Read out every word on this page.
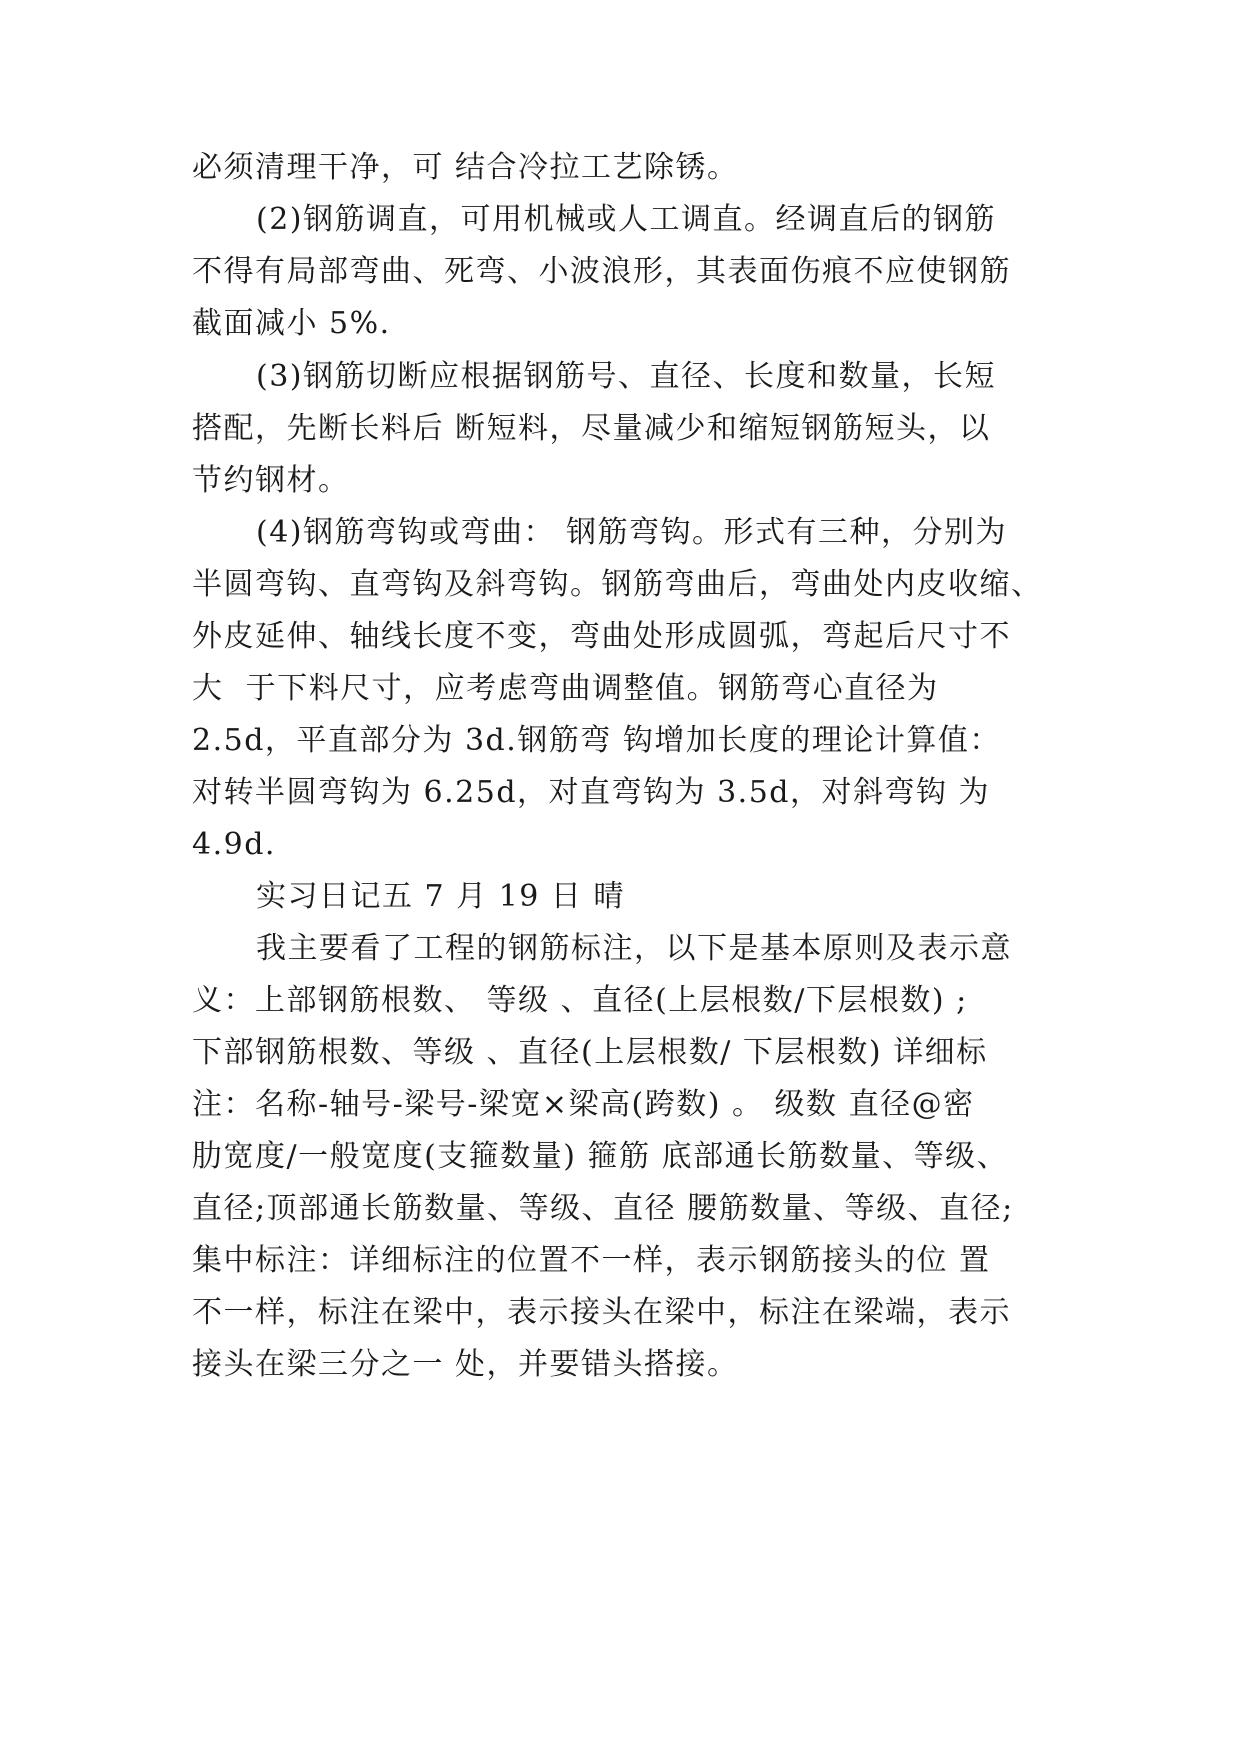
必须清理干净，可 结合冷拉工艺除锈。
(2)钢筋调直，可用机械或人工调直。经调直后的钢筋
不得有局部弯曲、死弯、小波浪形，其表面伤痕不应使钢筋
截面减小 5%.
(3)钢筋切断应根据钢筋号、直径、长度和数量，长短
搭配，先断长料后 断短料，尽量减少和缩短钢筋短头，以
节约钢材。
(4)钢筋弯钩或弯曲： 钢筋弯钩。形式有三种，分别为
半圆弯钩、直弯钩及斜弯钩。钢筋弯曲后，弯曲处内皮收缩、
外皮延伸、轴线长度不变，弯曲处形成圆弧，弯起后尺寸不
大  于下料尺寸，应考虑弯曲调整值。钢筋弯心直径为
2.5d，平直部分为 3d.钢筋弯 钩增加长度的理论计算值：
对转半圆弯钩为 6.25d，对直弯钩为 3.5d，对斜弯钩 为
4.9d.
实习日记五 7 月 19 日 晴
我主要看了工程的钢筋标注，以下是基本原则及表示意
义：上部钢筋根数、 等级 、直径(上层根数/下层根数) ;
下部钢筋根数、等级 、直径(上层根数/ 下层根数) 详细标
注：名称-轴号-梁号-梁宽×梁高(跨数) 。 级数 直径@密
肋宽度/一般宽度(支箍数量) 箍筋 底部通长筋数量、等级、
直径;顶部通长筋数量、等级、直径 腰筋数量、等级、直径;
集中标注：详细标注的位置不一样，表示钢筋接头的位 置
不一样，标注在梁中，表示接头在梁中，标注在梁端，表示
接头在梁三分之一 处，并要错头搭接。
